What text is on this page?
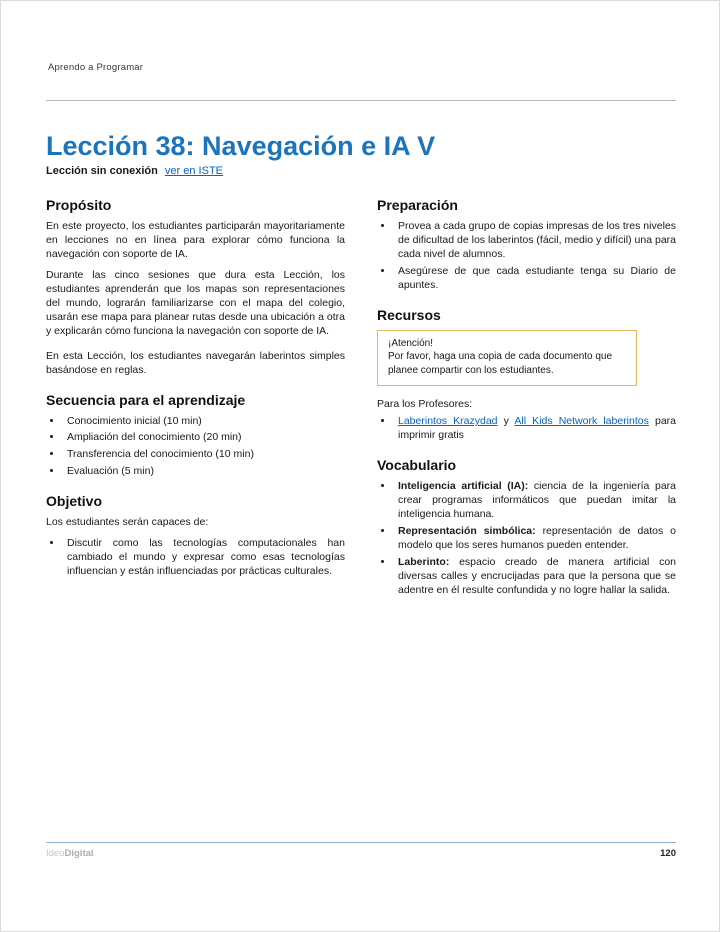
Aprendo a Programar
Lección 38: Navegación e IA V
Lección sin conexión ver en ISTE
Propósito

En este proyecto, los estudiantes participarán mayoritariamente en lecciones no en línea para explorar cómo funciona la navegación con soporte de IA.

Durante las cinco sesiones que dura esta Lección, los estudiantes aprenderán que los mapas son representaciones del mundo, lograrán familiarizarse con el mapa del colegio, usarán ese mapa para planear rutas desde una ubicación a otra y explicarán cómo funciona la navegación con soporte de IA.

En esta Lección, los estudiantes navegarán laberintos simples basándose en reglas.

Secuencia para el aprendizaje
• Conocimiento inicial (10 min)
• Ampliación del conocimiento (20 min)
• Transferencia del conocimiento (10 min)
• Evaluación (5 min)
Objetivo

Los estudiantes serán capaces de:

• Discutir como las tecnologías computacionales han cambiado el mundo y expresar como esas tecnologías influencian y están influenciadas por prácticas culturales.
Preparación
• Provea a cada grupo de copias impresas de los tres niveles de dificultad de los laberintos (fácil, medio y difícil) una para cada nivel de alumnos.
• Asegúrese de que cada estudiante tenga su Diario de apuntes.
Recursos
¡Atención!
Por favor, haga una copia de cada documento que planee compartir con los estudiantes.

Para los Profesores:

• Laberintos Krazydad y All Kids Network laberintos para imprimir gratis
Vocabulario
• Inteligencia artificial (IA): ciencia de la ingeniería para crear programas informáticos que puedan imitar la inteligencia humana.
• Representación simbólica: representación de datos o modelo que los seres humanos pueden entender.
• Laberinto: espacio creado de manera artificial con diversas calles y encrucijadas para que la persona que se adentre en él resulte confundida y no logre hallar la salida.
IdeoDigital	120
